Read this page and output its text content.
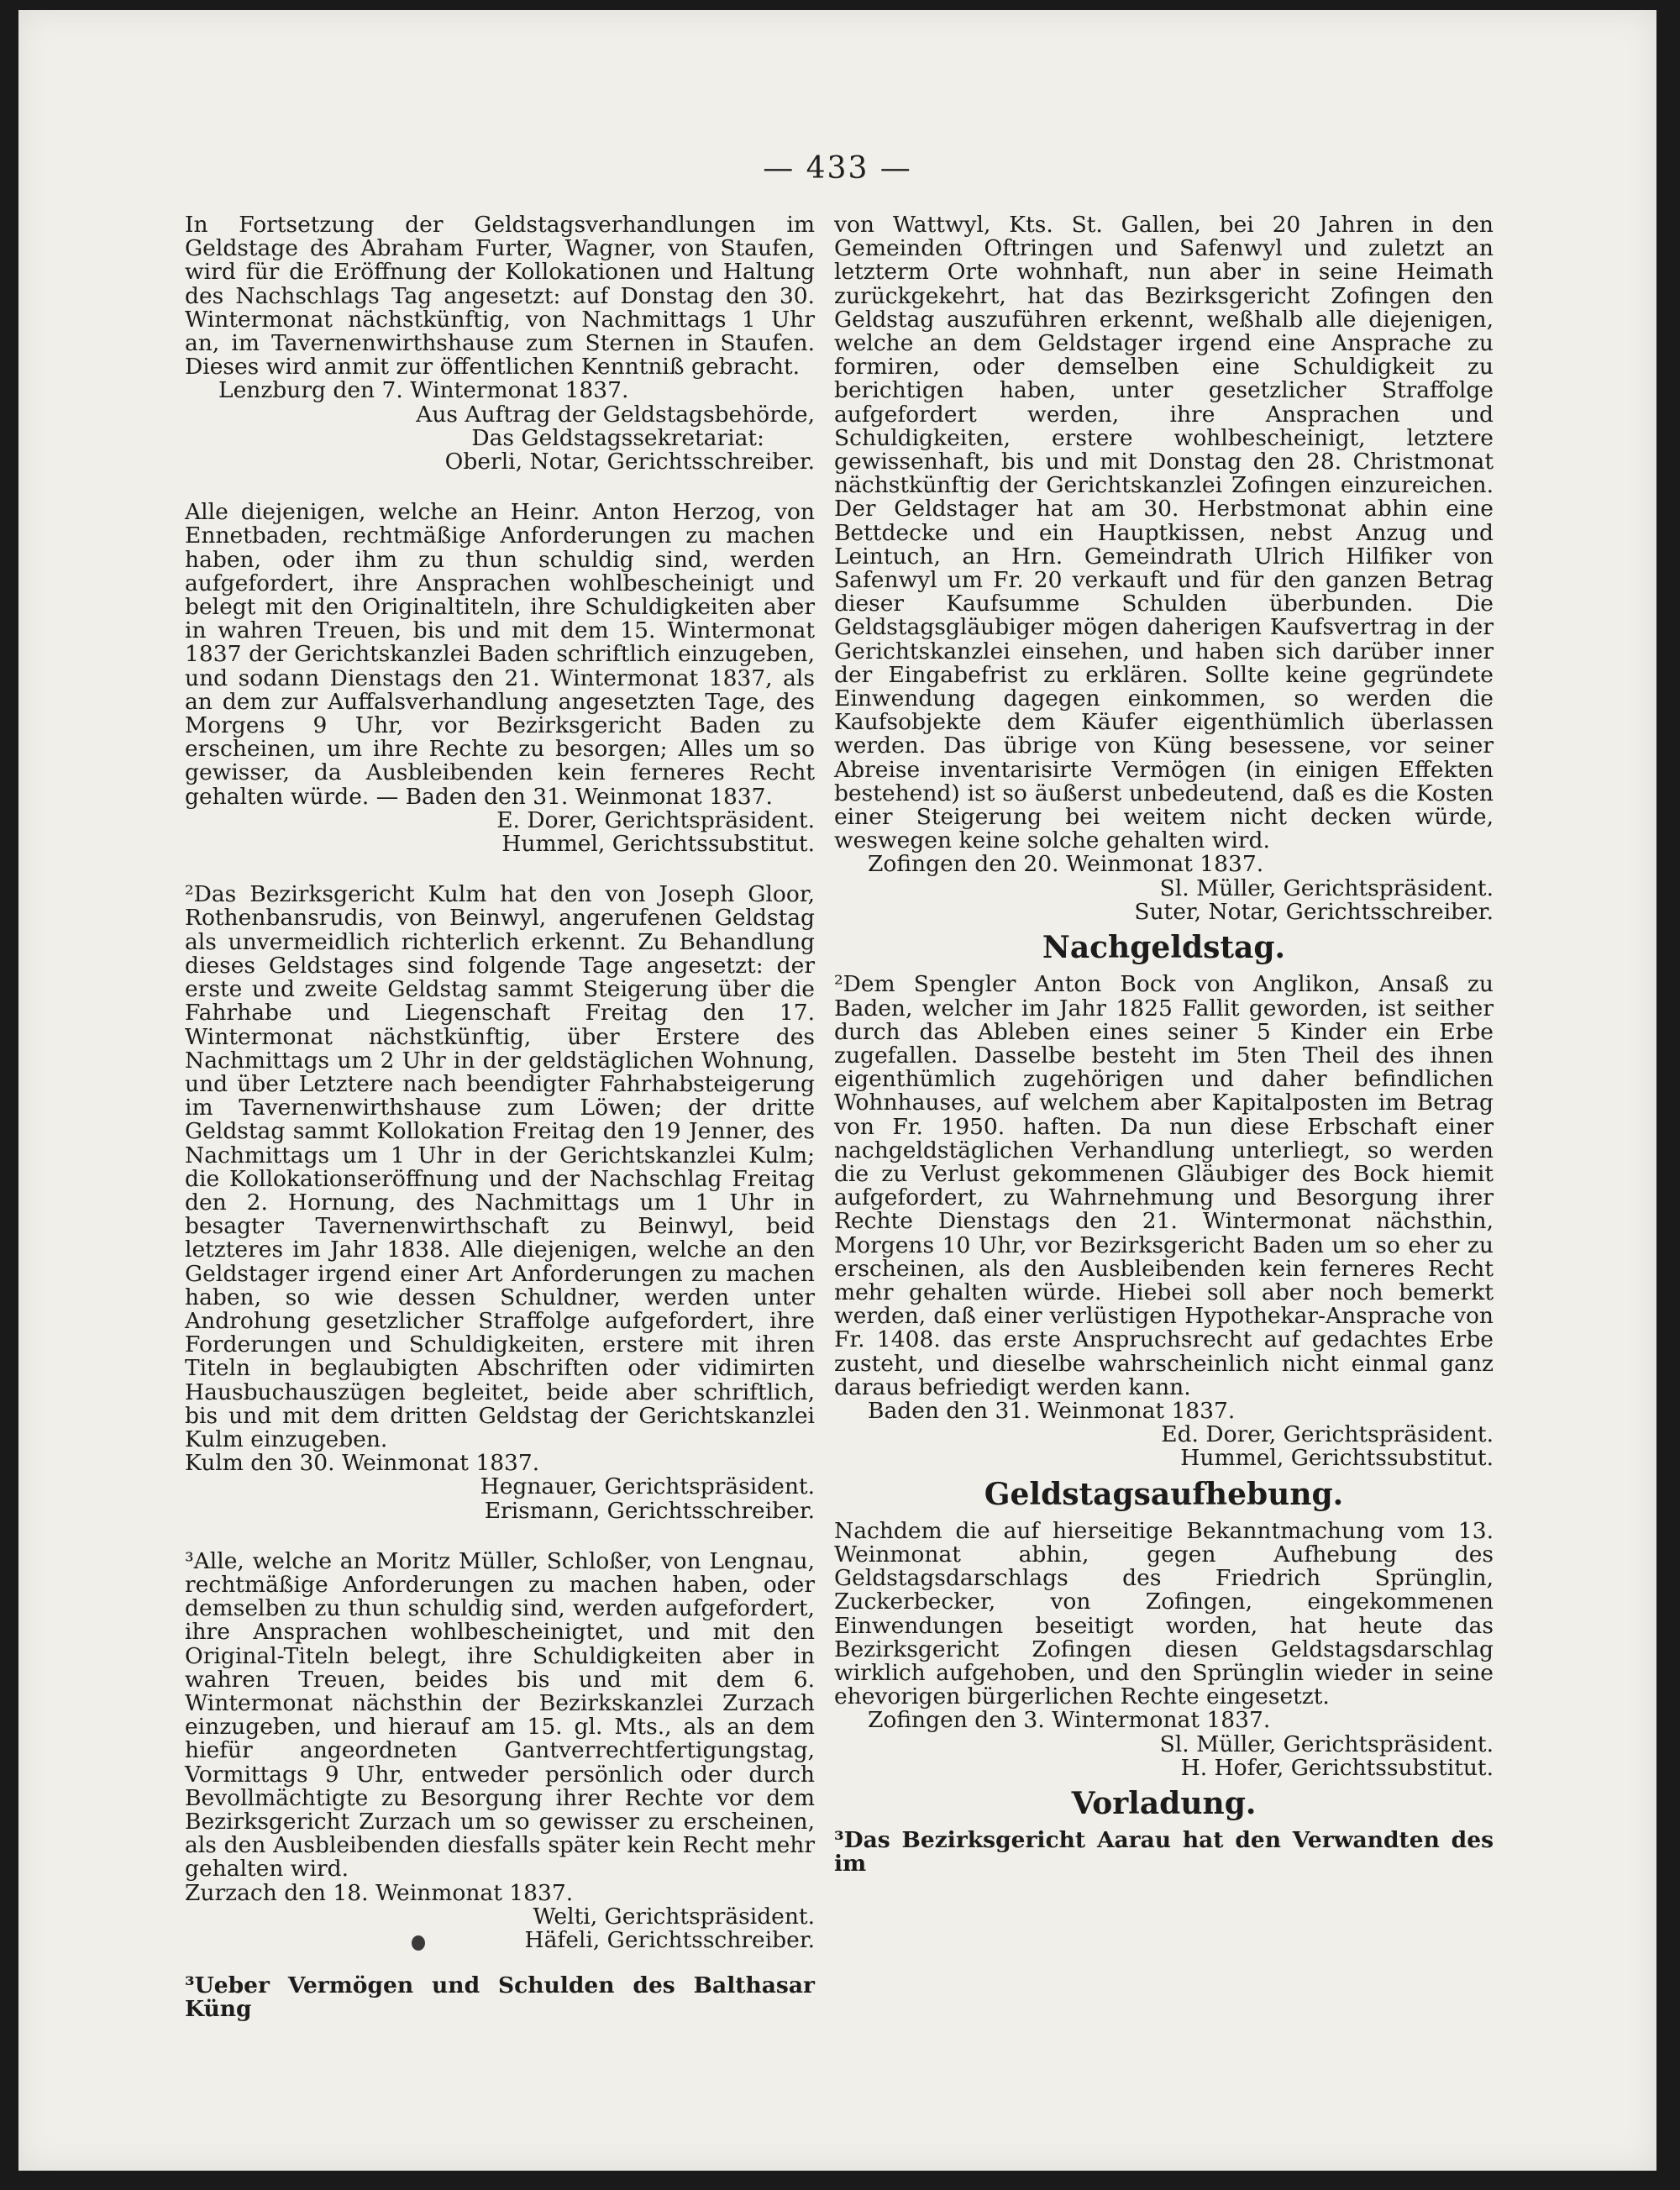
— 433 —

In Fortsetzung der Geldstagsverhandlungen im Geldstage des Abraham Furter, Wagner, von Staufen, wird für die Eröffnung der Kollokationen und Haltung des Nachschlags Tag angesetzt: auf Donstag den 30. Wintermonat nächstkünftig, von Nachmittags 1 Uhr an, im Tavernenwirthshause zum Sternen in Staufen. Dieses wird anmit zur öffentlichen Kenntniß gebracht.

Lenzburg den 7. Wintermonat 1837.

Aus Auftrag der Geldstagsbehörde,

Das Geldstagssekretariat:

Oberli, Notar, Gerichtsschreiber.

Alle diejenigen, welche an Heinr. Anton Herzog, von Ennetbaden, rechtmäßige Anforderungen zu machen haben, oder ihm zu thun schuldig sind, werden aufgefordert, ihre Ansprachen wohlbescheinigt und belegt mit den Originaltiteln, ihre Schuldigkeiten aber in wahren Treuen, bis und mit dem 15. Wintermonat 1837 der Gerichtskanzlei Baden schriftlich einzugeben, und sodann Dienstags den 21. Wintermonat 1837, als an dem zur Auffalsverhandlung angesetzten Tage, des Morgens 9 Uhr, vor Bezirksgericht Baden zu erscheinen, um ihre Rechte zu besorgen; Alles um so gewisser, da Ausbleibenden kein ferneres Recht gehalten würde. — Baden den 31. Weinmonat 1837.

E. Dorer, Gerichtspräsident.

Hummel, Gerichtssubstitut.

²Das Bezirksgericht Kulm hat den von Joseph Gloor, Rothenbansrudis, von Beinwyl, angerufenen Geldstag als unvermeidlich richterlich erkennt. Zu Behandlung dieses Geldstages sind folgende Tage angesetzt: der erste und zweite Geldstag sammt Steigerung über die Fahrhabe und Liegenschaft Freitag den 17. Wintermonat nächstkünftig, über Erstere des Nachmittags um 2 Uhr in der geldstäglichen Wohnung, und über Letztere nach beendigter Fahrhabsteigerung im Tavernenwirthshause zum Löwen; der dritte Geldstag sammt Kollokation Freitag den 19 Jenner, des Nachmittags um 1 Uhr in der Gerichtskanzlei Kulm; die Kollokationseröffnung und der Nachschlag Freitag den 2. Hornung, des Nachmittags um 1 Uhr in besagter Tavernenwirthschaft zu Beinwyl, beid letzteres im Jahr 1838. Alle diejenigen, welche an den Geldstager irgend einer Art Anforderungen zu machen haben, so wie dessen Schuldner, werden unter Androhung gesetzlicher Straffolge aufgefordert, ihre Forderungen und Schuldigkeiten, erstere mit ihren Titeln in beglaubigten Abschriften oder vidimirten Hausbuchauszügen begleitet, beide aber schriftlich, bis und mit dem dritten Geldstag der Gerichtskanzlei Kulm einzugeben.

Kulm den 30. Weinmonat 1837.

Hegnauer, Gerichtspräsident.

Erismann, Gerichtsschreiber.

³Alle, welche an Moritz Müller, Schloßer, von Lengnau, rechtmäßige Anforderungen zu machen haben, oder demselben zu thun schuldig sind, werden aufgefordert, ihre Ansprachen wohlbescheinigtet, und mit den Original-Titeln belegt, ihre Schuldigkeiten aber in wahren Treuen, beides bis und mit dem 6. Wintermonat nächsthin der Bezirkskanzlei Zurzach einzugeben, und hierauf am 15. gl. Mts., als an dem hiefür angeordneten Gantverrechtfertigungstag, Vormittags 9 Uhr, entweder persönlich oder durch Bevollmächtigte zu Besorgung ihrer Rechte vor dem Bezirksgericht Zurzach um so gewisser zu erscheinen, als den Ausbleibenden diesfalls später kein Recht mehr gehalten wird.

Zurzach den 18. Weinmonat 1837.

Welti, Gerichtspräsident.

Häfeli, Gerichtsschreiber.

³Ueber Vermögen und Schulden des Balthasar Küng

von Wattwyl, Kts. St. Gallen, bei 20 Jahren in den Gemeinden Oftringen und Safenwyl und zuletzt an letzterm Orte wohnhaft, nun aber in seine Heimath zurückgekehrt, hat das Bezirksgericht Zofingen den Geldstag auszuführen erkennt, weßhalb alle diejenigen, welche an dem Geldstager irgend eine Ansprache zu formiren, oder demselben eine Schuldigkeit zu berichtigen haben, unter gesetzlicher Straffolge aufgefordert werden, ihre Ansprachen und Schuldigkeiten, erstere wohlbescheinigt, letztere gewissenhaft, bis und mit Donstag den 28. Christmonat nächstkünftig der Gerichtskanzlei Zofingen einzureichen. Der Geldstager hat am 30. Herbstmonat abhin eine Bettdecke und ein Hauptkissen, nebst Anzug und Leintuch, an Hrn. Gemeindrath Ulrich Hilfiker von Safenwyl um Fr. 20 verkauft und für den ganzen Betrag dieser Kaufsumme Schulden überbunden. Die Geldstagsgläubiger mögen daherigen Kaufsvertrag in der Gerichtskanzlei einsehen, und haben sich darüber inner der Eingabefrist zu erklären. Sollte keine gegründete Einwendung dagegen einkommen, so werden die Kaufsobjekte dem Käufer eigenthümlich überlassen werden. Das übrige von Küng besessene, vor seiner Abreise inventarisirte Vermögen (in einigen Effekten bestehend) ist so äußerst unbedeutend, daß es die Kosten einer Steigerung bei weitem nicht decken würde, weswegen keine solche gehalten wird.

Zofingen den 20. Weinmonat 1837.

Sl. Müller, Gerichtspräsident.

Suter, Notar, Gerichtsschreiber.

Nachgeldstag.

²Dem Spengler Anton Bock von Anglikon, Ansaß zu Baden, welcher im Jahr 1825 Fallit geworden, ist seither durch das Ableben eines seiner 5 Kinder ein Erbe zugefallen. Dasselbe besteht im 5ten Theil des ihnen eigenthümlich zugehörigen und daher befindlichen Wohnhauses, auf welchem aber Kapitalposten im Betrag von Fr. 1950. haften. Da nun diese Erbschaft einer nachgeldstäglichen Verhandlung unterliegt, so werden die zu Verlust gekommenen Gläubiger des Bock hiemit aufgefordert, zu Wahrnehmung und Besorgung ihrer Rechte Dienstags den 21. Wintermonat nächsthin, Morgens 10 Uhr, vor Bezirksgericht Baden um so eher zu erscheinen, als den Ausbleibenden kein ferneres Recht mehr gehalten würde. Hiebei soll aber noch bemerkt werden, daß einer verlüstigen Hypothekar-Ansprache von Fr. 1408. das erste Anspruchsrecht auf gedachtes Erbe zusteht, und dieselbe wahrscheinlich nicht einmal ganz daraus befriedigt werden kann.

Baden den 31. Weinmonat 1837.

Ed. Dorer, Gerichtspräsident.

Hummel, Gerichtssubstitut.

Geldstagsaufhebung.

Nachdem die auf hierseitige Bekanntmachung vom 13. Weinmonat abhin, gegen Aufhebung des Geldstagsdarschlags des Friedrich Sprünglin, Zuckerbecker, von Zofingen, eingekommenen Einwendungen beseitigt worden, hat heute das Bezirksgericht Zofingen diesen Geldstagsdarschlag wirklich aufgehoben, und den Sprünglin wieder in seine ehevorigen bürgerlichen Rechte eingesetzt.

Zofingen den 3. Wintermonat 1837.

Sl. Müller, Gerichtspräsident.

H. Hofer, Gerichtssubstitut.

Vorladung.

³Das Bezirksgericht Aarau hat den Verwandten des im
